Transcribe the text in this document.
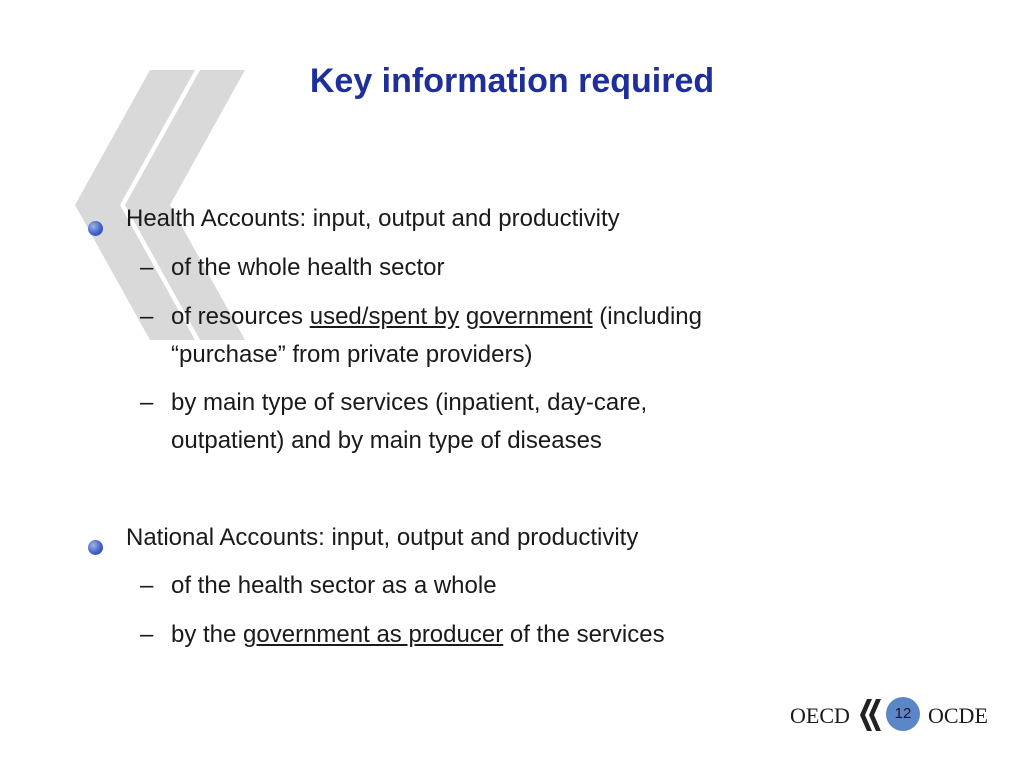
Key information required
Health Accounts: input, output and productivity
– of the whole health sector
– of resources used/spent by government (including
“purchase” from private providers)
– by main type of services (inpatient, day-care,
outpatient) and by main type of diseases
National Accounts: input, output and productivity
– of the health sector as a whole
– by the government as producer of the services
OECD	12 OCDE
